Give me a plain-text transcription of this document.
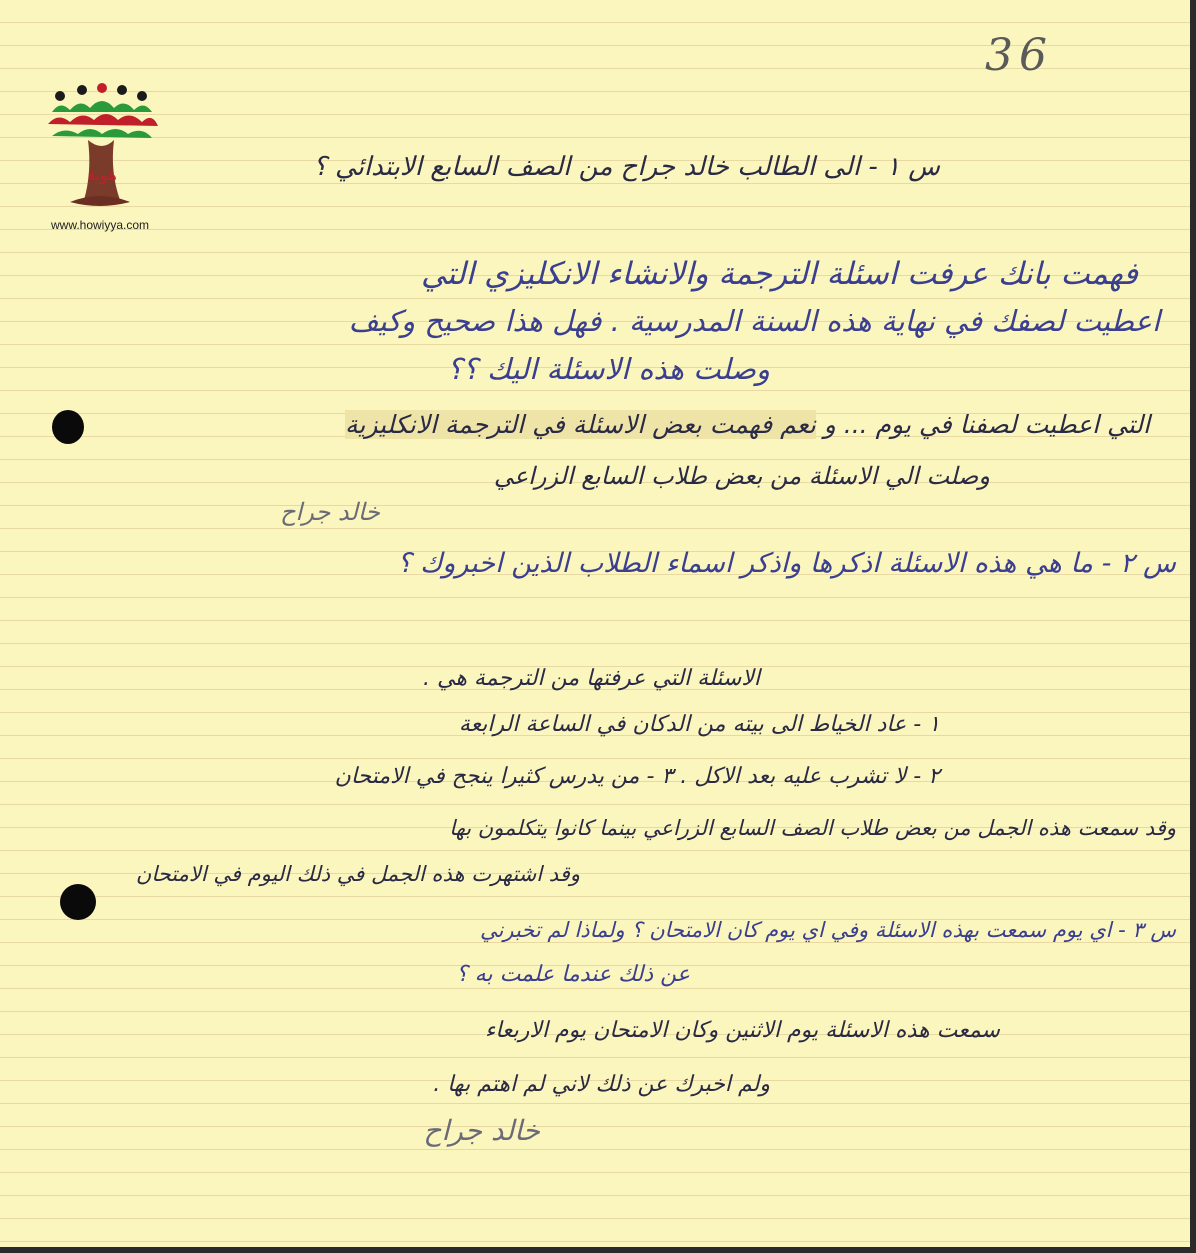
36
هوية
www.howiyya.com
س ١ - الى الطالب خالد جراح من الصف السابع الابتدائي ؟
فهمت بانك عرفت اسئلة الترجمة والانشاء الانكليزي التي
اعطيت لصفك في نهاية هذه السنة المدرسية . فهل هذا صحيح وكيف
وصلت هذه الاسئلة اليك ؟؟
التي اعطيت لصفنا في يوم ... و نعم فهمت بعض الاسئلة في الترجمة الانكليزية
وصلت الي الاسئلة من بعض طلاب السابع الزراعي
خالد جراح
س ٢ - ما هي هذه الاسئلة اذكرها واذكر اسماء الطلاب الذين اخبروك ؟
الاسئلة التي عرفتها من الترجمة هي .
١ - عاد الخياط الى بيته من الدكان في الساعة الرابعة
٢ - لا تشرب عليه بعد الاكل . ٣ - من يدرس كثيرا ينجح في الامتحان
وقد سمعت هذه الجمل من بعض طلاب الصف السابع الزراعي بينما كانوا يتكلمون بها
وقد اشتهرت هذه الجمل في ذلك اليوم في الامتحان
س ٣ - اي يوم سمعت بهذه الاسئلة وفي اي يوم كان الامتحان ؟ ولماذا لم تخبرني
عن ذلك عندما علمت به ؟
سمعت هذه الاسئلة يوم الاثنين وكان الامتحان يوم الاربعاء
ولم اخبرك عن ذلك لاني لم اهتم بها .
خالد جراح
